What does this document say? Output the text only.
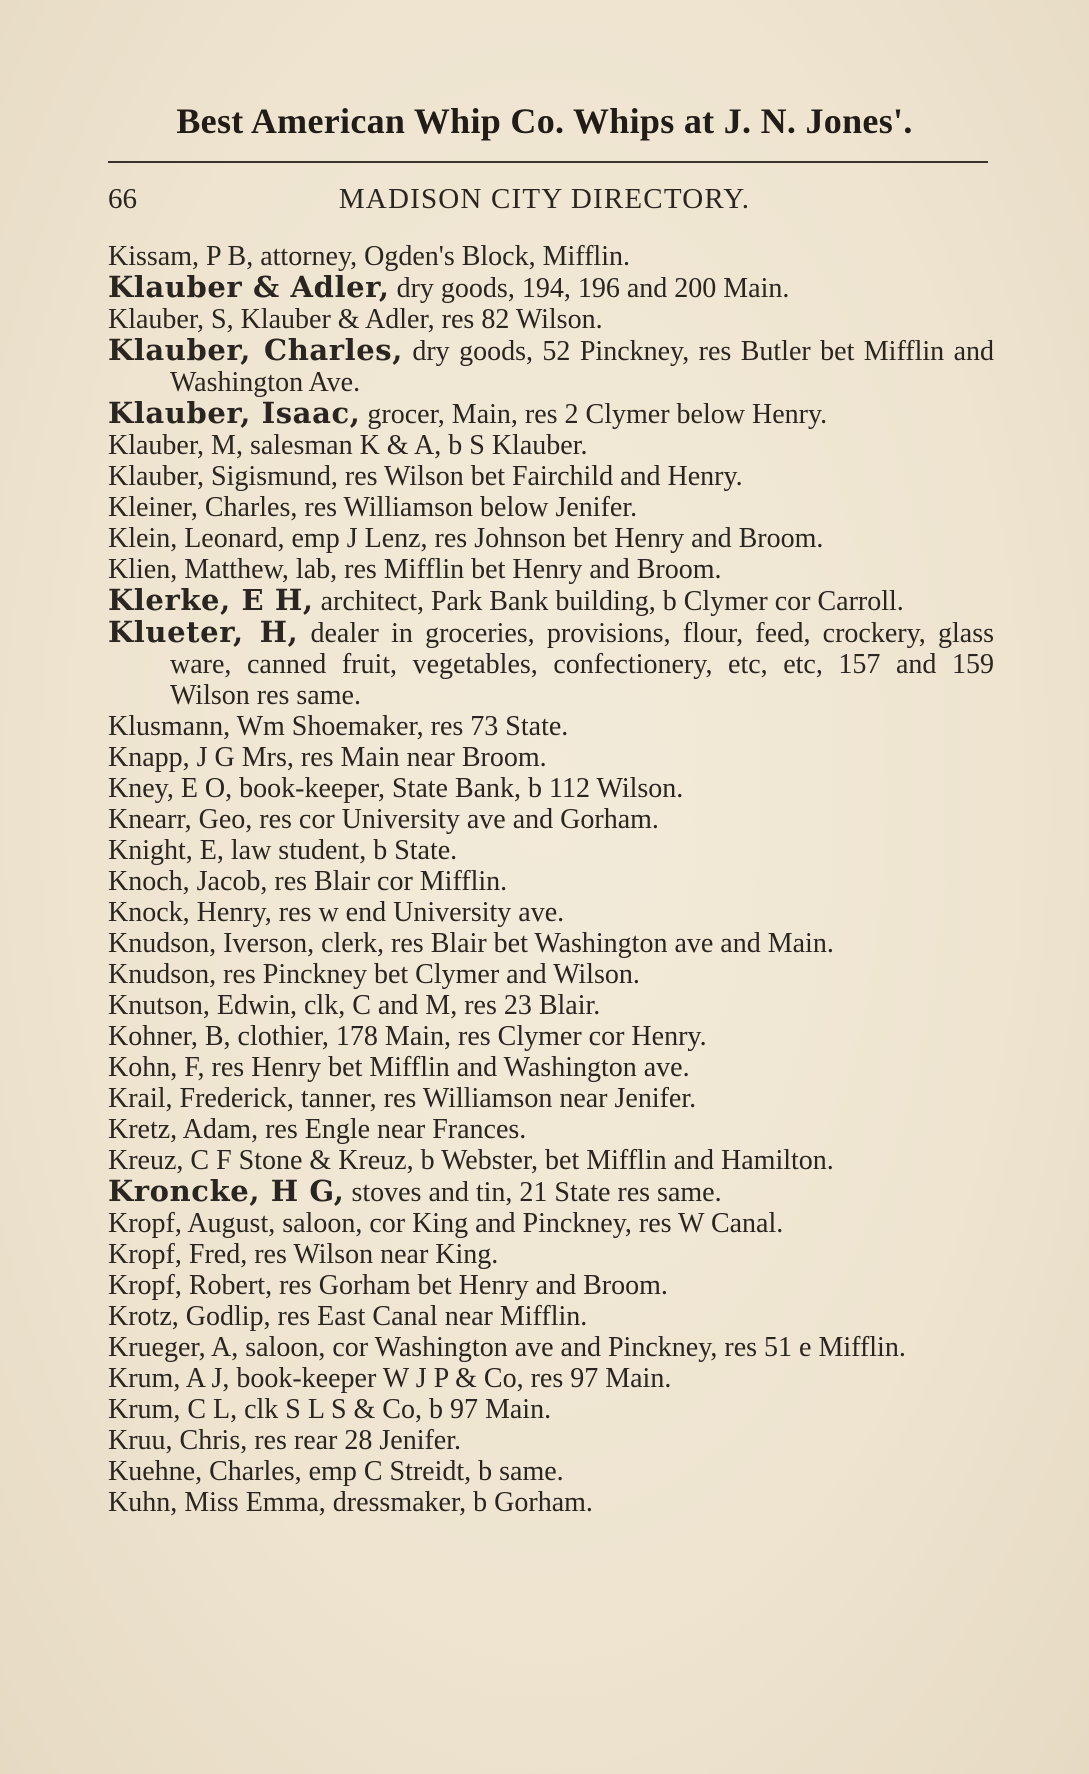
Best American Whip Co. Whips at J. N. Jones'.
66	MADISON CITY DIRECTORY.
Kissam, P B, attorney, Ogden's Block, Mifflin.
Klauber & Adler, dry goods, 194, 196 and 200 Main.
Klauber, S, Klauber & Adler, res 82 Wilson.
Klauber, Charles, dry goods, 52 Pinckney, res Butler bet Mifflin and Washington Ave.
Klauber, Isaac, grocer, Main, res 2 Clymer below Henry.
Klauber, M, salesman K & A, b S Klauber.
Klauber, Sigismund, res Wilson bet Fairchild and Henry.
Kleiner, Charles, res Williamson below Jenifer.
Klein, Leonard, emp J Lenz, res Johnson bet Henry and Broom.
Klien, Matthew, lab, res Mifflin bet Henry and Broom.
Klerke, E H, architect, Park Bank building, b Clymer cor Carroll.
Klueter, H, dealer in groceries, provisions, flour, feed, crockery, glass ware, canned fruit, vegetables, confectionery, etc, etc, 157 and 159 Wilson res same.
Klusmann, Wm Shoemaker, res 73 State.
Knapp, J G Mrs, res Main near Broom.
Kney, E O, book-keeper, State Bank, b 112 Wilson.
Knearr, Geo, res cor University ave and Gorham.
Knight, E, law student, b State.
Knoch, Jacob, res Blair cor Mifflin.
Knock, Henry, res w end University ave.
Knudson, Iverson, clerk, res Blair bet Washington ave and Main.
Knudson, res Pinckney bet Clymer and Wilson.
Knutson, Edwin, clk, C and M, res 23 Blair.
Kohner, B, clothier, 178 Main, res Clymer cor Henry.
Kohn, F, res Henry bet Mifflin and Washington ave.
Krail, Frederick, tanner, res Williamson near Jenifer.
Kretz, Adam, res Engle near Frances.
Kreuz, C F Stone & Kreuz, b Webster, bet Mifflin and Hamilton.
Kroncke, H G, stoves and tin, 21 State res same.
Kropf, August, saloon, cor King and Pinckney, res W Canal.
Kropf, Fred, res Wilson near King.
Kropf, Robert, res Gorham bet Henry and Broom.
Krotz, Godlip, res East Canal near Mifflin.
Krueger, A, saloon, cor Washington ave and Pinckney, res 51 e Mifflin.
Krum, A J, book-keeper W J P & Co, res 97 Main.
Krum, C L, clk S L S & Co, b 97 Main.
Kruu, Chris, res rear 28 Jenifer.
Kuehne, Charles, emp C Streidt, b same.
Kuhn, Miss Emma, dressmaker, b Gorham.
